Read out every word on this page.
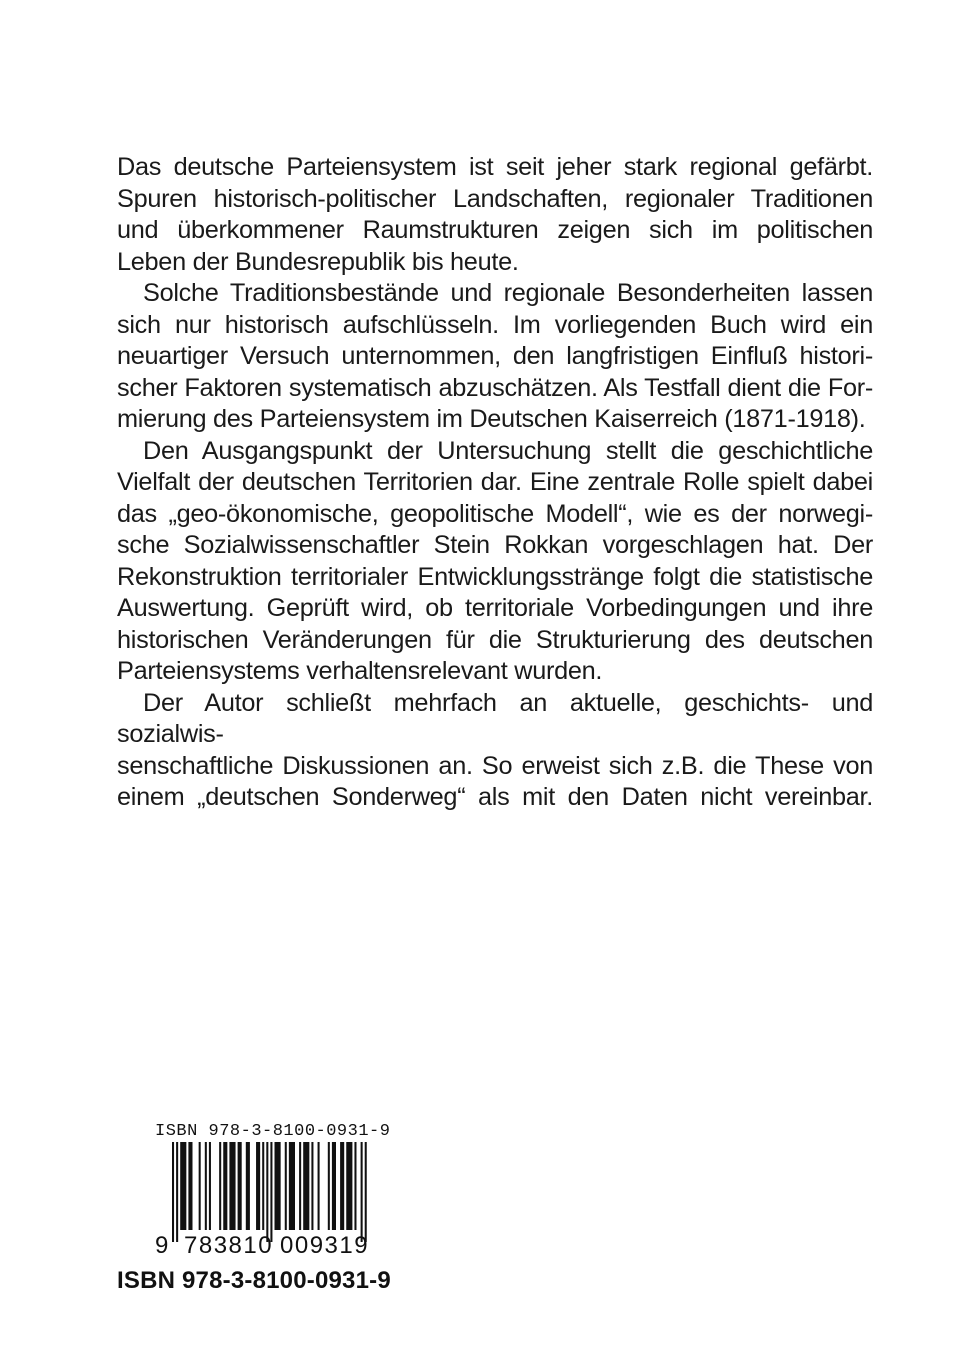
Das deutsche Parteiensystem ist seit jeher stark regional gefärbt.
Spuren historisch-politischer Landschaften, regionaler Traditionen
und überkommener Raumstrukturen zeigen sich im politischen
Leben der Bundesrepublik bis heute.

Solche Traditionsbestände und regionale Besonderheiten lassen
sich nur historisch aufschlüsseln. Im vorliegenden Buch wird ein
neuartiger Versuch unternommen, den langfristigen Einfluß histori-
scher Faktoren systematisch abzuschätzen. Als Testfall dient die For-
mierung des Parteiensystem im Deutschen Kaiserreich (1871-1918).

Den Ausgangspunkt der Untersuchung stellt die geschichtliche
Vielfalt der deutschen Territorien dar. Eine zentrale Rolle spielt dabei
das „geo-ökonomische, geopolitische Modell“, wie es der norwegi-
sche Sozialwissenschaftler Stein Rokkan vorgeschlagen hat. Der
Rekonstruktion territorialer Entwicklungsstränge folgt die statistische
Auswertung. Geprüft wird, ob territoriale Vorbedingungen und ihre
historischen Veränderungen für die Strukturierung des deutschen
Parteiensystems verhaltensrelevant wurden.

Der Autor schließt mehrfach an aktuelle, geschichts- und sozialwis-
senschaftliche Diskussionen an. So erweist sich z.B. die These von
einem „deutschen Sonderweg“ als mit den Daten nicht vereinbar.

ISBN 978-3-8100-0931-9
9 783810 009319
ISBN 978-3-8100-0931-9
